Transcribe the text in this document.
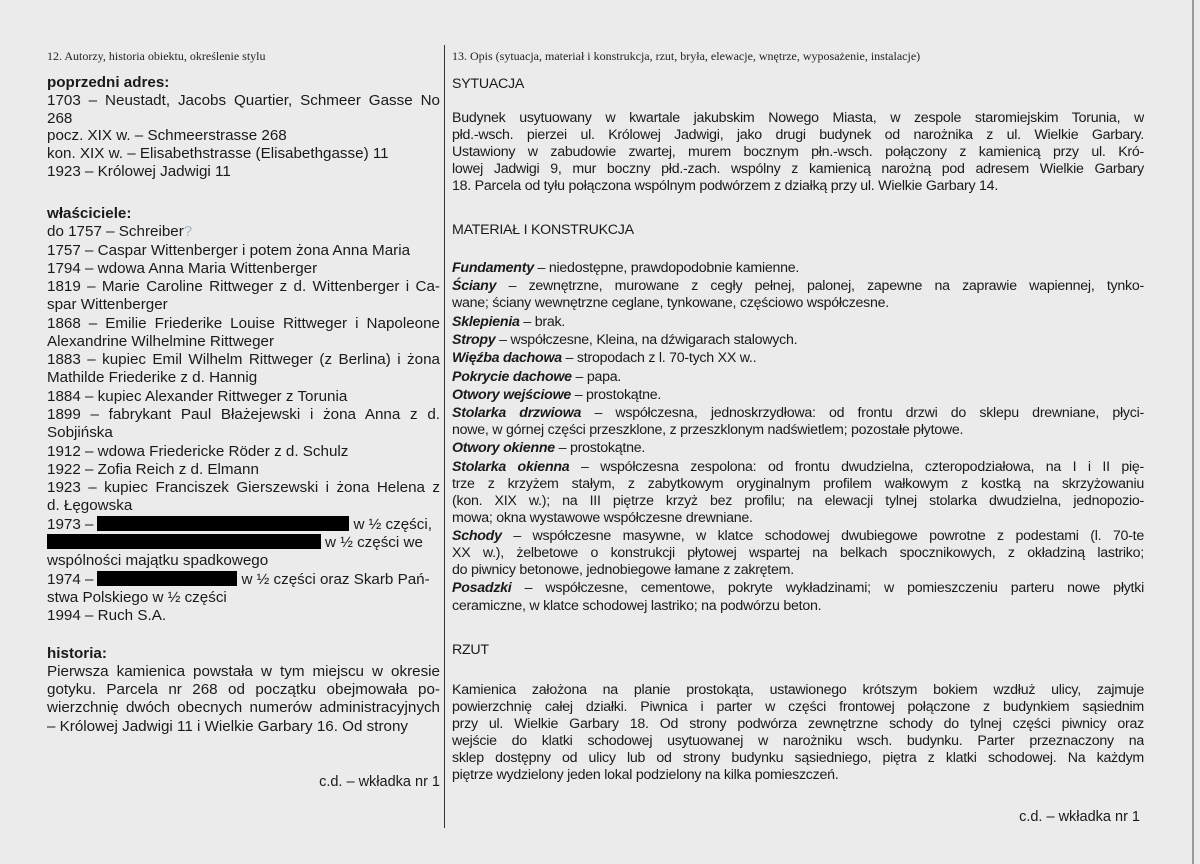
12. Autorzy, historia obiektu, określenie stylu	13. Opis (sytuacja, materiał i konstrukcja, rzut, bryła, elewacje, wnętrze, wyposażenie, instalacje)
poprzedni adres:
1703 – Neustadt, Jacobs Quartier, Schmeer Gasse No
268
pocz. XIX w. – Schmeerstrasse 268
kon. XIX w. – Elisabethstrasse (Elisabethgasse) 11
1923 – Królowej Jadwigi 11
właściciele:
do 1757 – Schreiber?
1757 – Caspar Wittenberger i potem żona Anna Maria
1794 – wdowa Anna Maria Wittenberger
1819 – Marie Caroline Rittweger z d. Wittenberger i Ca-
spar Wittenberger
1868 – Emilie Friederike Louise Rittweger i Napoleone
Alexandrine Wilhelmine Rittweger
1883 – kupiec Emil Wilhelm Rittweger (z Berlina) i żona
Mathilde Friederike z d. Hannig
1884 – kupiec Alexander Rittweger z Torunia
1899 – fabrykant Paul Błażejewski i żona Anna z d.
Sobjińska
1912 – wdowa Friedericke Röder z d. Schulz
1922 – Zofia Reich z d. Elmann
1923 – kupiec Franciszek Gierszewski i żona Helena z
d. Łęgowska
1973 –	w ½ części,
w ½ części we
wspólności majątku spadkowego
1974 –	w ½ części oraz Skarb Pań-
stwa Polskiego w ½ części
1994 – Ruch S.A.
historia:
Pierwsza kamienica powstała w tym miejscu w okresie
gotyku. Parcela nr 268 od początku obejmowała po-
wierzchnię dwóch obecnych numerów administracyjnych
– Królowej Jadwigi 11 i Wielkie Garbary 16. Od strony
c.d. – wkładka nr 1
SYTUACJA
Budynek usytuowany w kwartale jakubskim Nowego Miasta, w zespole staromiejskim Torunia, w
płd.-wsch. pierzei ul. Królowej Jadwigi, jako drugi budynek od narożnika z ul. Wielkie Garbary.
Ustawiony w zabudowie zwartej, murem bocznym płn.-wsch. połączony z kamienicą przy ul. Kró-
lowej Jadwigi 9, mur boczny płd.-zach. wspólny z kamienicą narożną pod adresem Wielkie Garbary
18. Parcela od tyłu połączona wspólnym podwórzem z działką przy ul. Wielkie Garbary 14.
MATERIAŁ I KONSTRUKCJA
Fundamenty – niedostępne, prawdopodobnie kamienne.
Ściany – zewnętrzne, murowane z cegły pełnej, palonej, zapewne na zaprawie wapiennej, tynko-
wane; ściany wewnętrzne ceglane, tynkowane, częściowo współczesne.
Sklepienia – brak.
Stropy – współczesne, Kleina, na dźwigarach stalowych.
Więźba dachowa – stropodach z l. 70-tych XX w..
Pokrycie dachowe – papa.
Otwory wejściowe – prostokątne.
Stolarka drzwiowa – współczesna, jednoskrzydłowa: od frontu drzwi do sklepu drewniane, płyci-
nowe, w górnej części przeszklone, z przeszklonym nadświetlem; pozostałe płytowe.
Otwory okienne – prostokątne.
Stolarka okienna – współczesna zespolona: od frontu dwudzielna, czteropodziałowa, na I i II pię-
trze z krzyżem stałym, z zabytkowym oryginalnym profilem wałkowym z kostką na skrzyżowaniu
(kon. XIX w.); na III piętrze krzyż bez profilu; na elewacji tylnej stolarka dwudzielna, jednopozio-
mowa; okna wystawowe współczesne drewniane.
Schody – współczesne masywne, w klatce schodowej dwubiegowe powrotne z podestami (l. 70-te
XX w.), żelbetowe o konstrukcji płytowej wspartej na belkach spocznikowych, z okładziną lastriko;
do piwnicy betonowe, jednobiegowe łamane z zakrętem.
Posadzki – współczesne, cementowe, pokryte wykładzinami; w pomieszczeniu parteru nowe płytki
ceramiczne, w klatce schodowej lastriko; na podwórzu beton.
RZUT
Kamienica założona na planie prostokąta, ustawionego krótszym bokiem wzdłuż ulicy, zajmuje
powierzchnię całej działki. Piwnica i parter w części frontowej połączone z budynkiem sąsiednim
przy ul. Wielkie Garbary 18. Od strony podwórza zewnętrzne schody do tylnej części piwnicy oraz
wejście do klatki schodowej usytuowanej w narożniku wsch. budynku. Parter przeznaczony na
sklep dostępny od ulicy lub od strony budynku sąsiedniego, piętra z klatki schodowej. Na każdym
piętrze wydzielony jeden lokal podzielony na kilka pomieszczeń.
c.d. – wkładka nr 1
